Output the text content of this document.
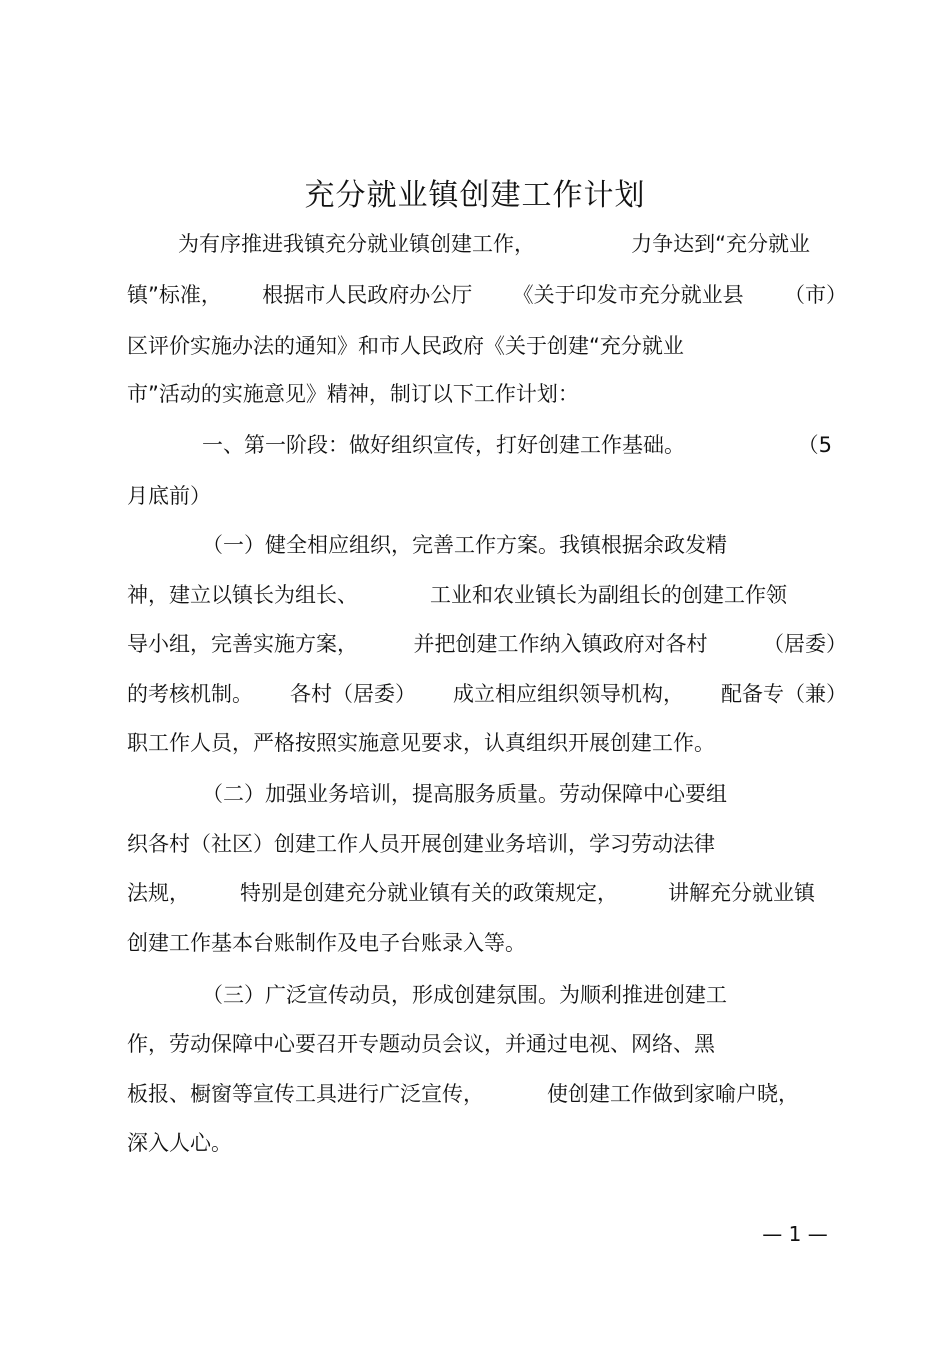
充分就业镇创建工作计划
为有序推进我镇充分就业镇创建工作，	力争达到“充分就业
镇”标准， 根据市人民政府办公厅 《关于印发市充分就业县 （市）
区评价实施办法的通知》和市人民政府《关于创建“充分就业
市”活动的实施意见》精神，制订以下工作计划：
一、第一阶段：做好组织宣传，打好创建工作基础。	（5
月底前）
（一）健全相应组织，完善工作方案。我镇根据余政发精
神，建立以镇长为组长、	工业和农业镇长为副组长的创建工作领
导小组，完善实施方案，	并把创建工作纳入镇政府对各村	（居委）
的考核机制。 各村（居委） 成立相应组织领导机构， 配备专（兼）
职工作人员，严格按照实施意见要求，认真组织开展创建工作。
（二）加强业务培训，提高服务质量。劳动保障中心要组
织各村（社区）创建工作人员开展创建业务培训，学习劳动法律
法规， 特别是创建充分就业镇有关的政策规定， 讲解充分就业镇
创建工作基本台账制作及电子台账录入等。
（三）广泛宣传动员，形成创建氛围。为顺利推进创建工
作，劳动保障中心要召开专题动员会议，并通过电视、网络、黑
板报、橱窗等宣传工具进行广泛宣传，	使创建工作做到家喻户晓，
深入人心。
— 1 —
